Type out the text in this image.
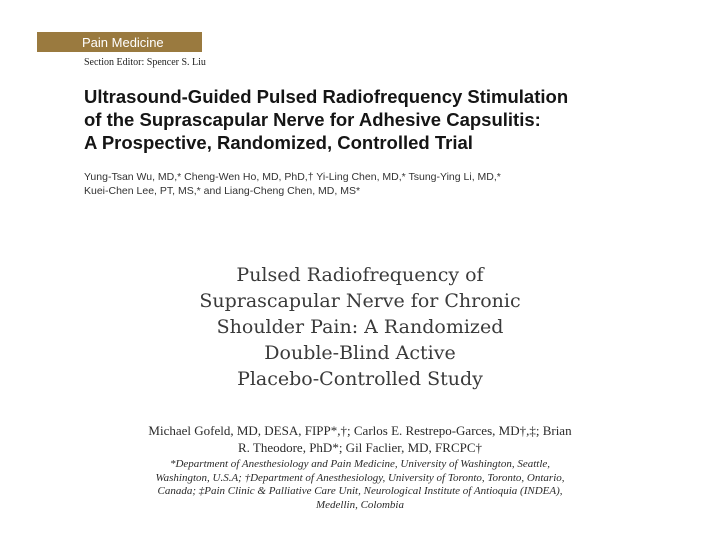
Pain Medicine
Section Editor: Spencer S. Liu
Ultrasound-Guided Pulsed Radiofrequency Stimulation
of the Suprascapular Nerve for Adhesive Capsulitis:
A Prospective, Randomized, Controlled Trial
Yung-Tsan Wu, MD,* Cheng-Wen Ho, MD, PhD,† Yi-Ling Chen, MD,* Tsung-Ying Li, MD,*
Kuei-Chen Lee, PT, MS,* and Liang-Cheng Chen, MD, MS*
Pulsed Radiofrequency of
Suprascapular Nerve for Chronic
Shoulder Pain: A Randomized
Double-Blind Active
Placebo-Controlled Study
Michael Gofeld, MD, DESA, FIPP*,†; Carlos E. Restrepo-Garces, MD†,‡; Brian
R. Theodore, PhD*; Gil Faclier, MD, FRCPC†
*Department of Anesthesiology and Pain Medicine, University of Washington, Seattle,
Washington, U.S.A; †Department of Anesthesiology, University of Toronto, Toronto, Ontario,
Canada; ‡Pain Clinic & Palliative Care Unit, Neurological Institute of Antioquia (INDEA),
Medellin, Colombia
